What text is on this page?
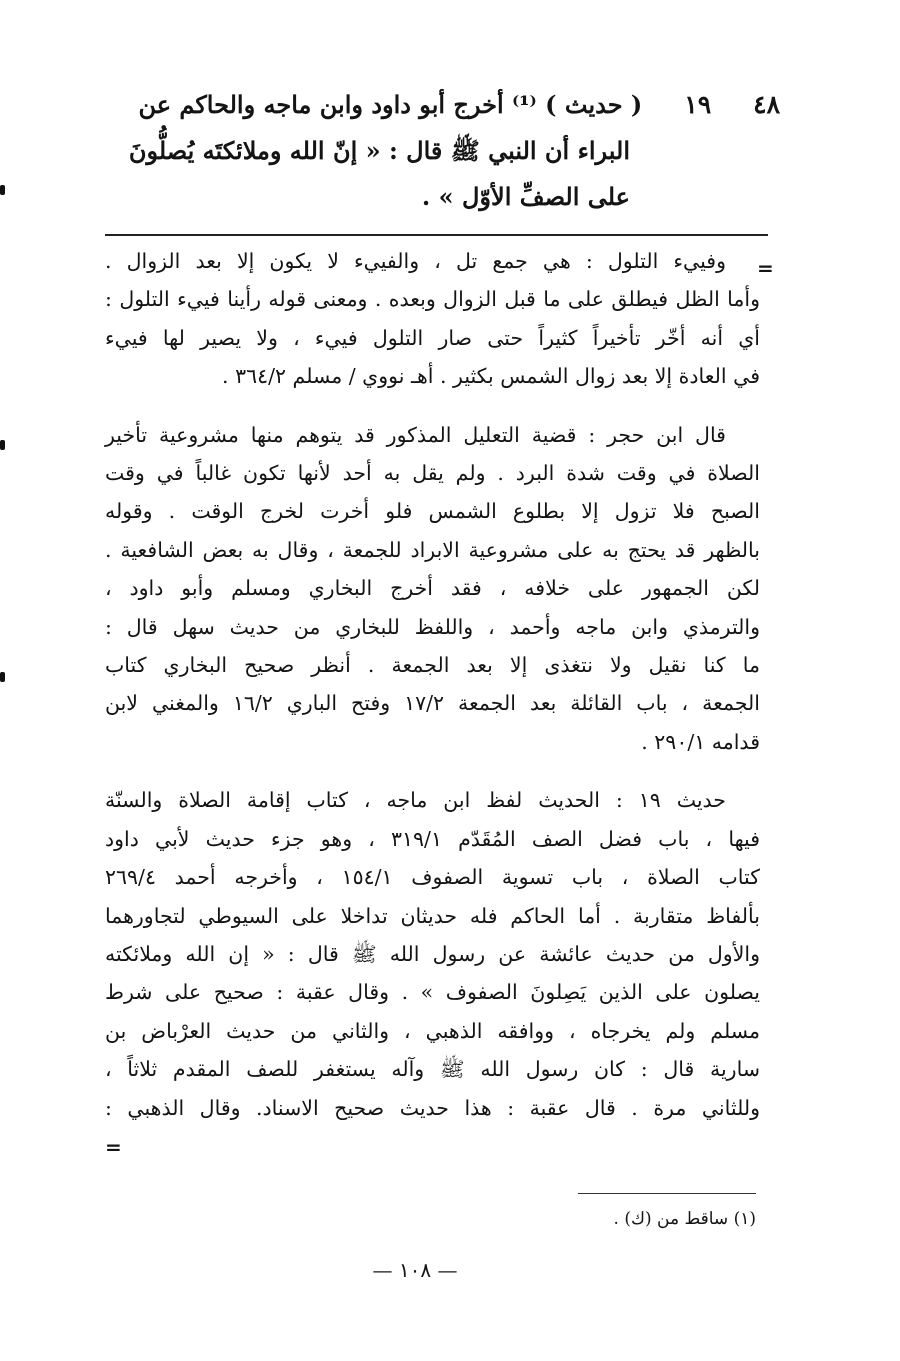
٤٨
١٩
( حديث ) ⁽¹⁾ أخرج أبو داود وابن ماجه والحاكم عن
البراء أن النبي ﷺ قال : « إنّ الله وملائكتَه يُصلُّونَ
على الصفِّ الأوّل » .
=
وفييء التلول : هي جمع تل ، والفييء لا يكون إلا بعد الزوال .
وأما الظل فيطلق على ما قبل الزوال وبعده . ومعنى قوله رأينا فييء التلول :
أي أنه أخّر تأخيراً كثيراً حتى صار التلول فييء ، ولا يصير لها فييء
في العادة إلا بعد زوال الشمس بكثير . أهـ نووي / مسلم ٣٦٤/٢ .
قال ابن حجر : قضية التعليل المذكور قد يتوهم منها مشروعية تأخير
الصلاة في وقت شدة البرد . ولم يقل به أحد لأنها تكون غالباً في وقت
الصبح فلا تزول إلا بطلوع الشمس فلو أخرت لخرج الوقت . وقوله
بالظهر قد يحتج به على مشروعية الابراد للجمعة ، وقال به بعض الشافعية .
لكن الجمهور على خلافه ، فقد أخرج البخاري ومسلم وأبو داود ،
والترمذي وابن ماجه وأحمد ، واللفظ للبخاري من حديث سهل قال :
ما كنا نقيل ولا نتغذى إلا بعد الجمعة . أنظر صحيح البخاري كتاب
الجمعة ، باب القائلة بعد الجمعة ١٧/٢ وفتح الباري ١٦/٢ والمغني لابن
قدامه ٢٩٠/١ .
حديث ١٩ : الحديث لفظ ابن ماجه ، كتاب إقامة الصلاة والسنّة
فيها ، باب فضل الصف المُقَدّم ٣١٩/١ ، وهو جزء حديث لأبي داود
كتاب الصلاة ، باب تسوية الصفوف ١٥٤/١ ، وأخرجه أحمد ٢٦٩/٤
بألفاظ متقاربة . أما الحاكم فله حديثان تداخلا على السيوطي لتجاورهما
والأول من حديث عائشة عن رسول الله ﷺ قال : « إن الله وملائكته
يصلون على الذين يَصِلونَ الصفوف » . وقال عقبة : صحيح على شرط
مسلم ولم يخرجاه ، ووافقه الذهبي ، والثاني من حديث العرْباض بن
سارية قال : كان رسول الله ﷺ وآله يستغفر للصف المقدم ثلاثاً ،
وللثاني مرة . قال عقبة : هذا حديث صحيح الاسناد. وقال الذهبي :
=
(١) ساقط من (ك) .
— ١٠٨ —
